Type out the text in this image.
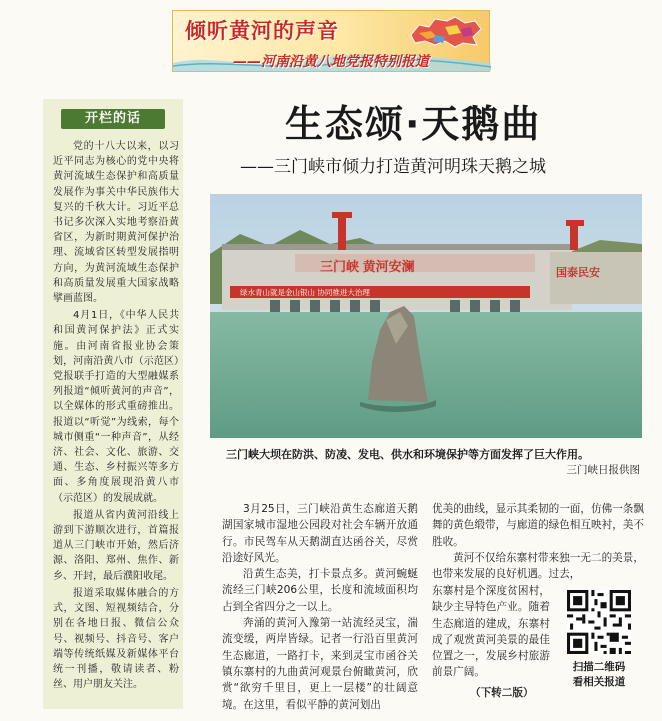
倾听黄河的声音
——河南沿黄八地党报特别报道
开栏的话

党的十八大以来，以习近平同志为核心的党中央将黄河流域生态保护和高质量发展作为事关中华民族伟大复兴的千秋大计。习近平总书记多次深入实地考察沿黄省区，为新时期黄河保护治理、流域省区转型发展指明方向，为黄河流域生态保护和高质量发展重大国家战略擘画蓝图。

4月1日，《中华人民共和国黄河保护法》正式实施。由河南省报业协会策划，河南沿黄八市（示范区）党报联手打造的大型融媒系列报道“倾听黄河的声音”，以全媒体的形式重磅推出。报道以“听觉”为线索，每个城市侧重“一种声音”，从经济、社会、文化、旅游、交通、生态、乡村振兴等多方面、多角度展现沿黄八市（示范区）的发展成就。

报道从省内黄河沿线上游到下游顺次进行，首篇报道从三门峡市开始，然后济源、洛阳、郑州、焦作、新乡、开封，最后濮阳收尾。

报道采取媒体融合的方式，文图、短视频结合，分别在各地日报、微信公众号、视频号、抖音号、客户端等传统纸媒及新媒体平台统一刊播，敬请读者、粉丝、用户朋友关注。

生态颂·天鹅曲
——三门峡市倾力打造黄河明珠天鹅之城
三门峡 黄河安澜
绿水青山就是金山银山 协同推进大治理
国泰民安
三门峡大坝在防洪、防凌、发电、供水和环境保护等方面发挥了巨大作用。
三门峡日报供图

3月25日，三门峡沿黄生态廊道天鹅湖国家城市湿地公园段对社会车辆开放通行。市民驾车从天鹅湖直达函谷关，尽赏沿途好风光。

沿黄生态美，打卡景点多。黄河蜿蜒流经三门峡206公里，长度和流域面积均占到全省四分之一以上。

奔涌的黄河入豫第一站流经灵宝，湍流变缓，两岸皆绿。记者一行沿百里黄河生态廊道，一路打卡，来到灵宝市函谷关镇东寨村的九曲黄河观景台俯瞰黄河，欣赏“欲穷千里目，更上一层楼”的壮阔意境。在这里，看似平静的黄河划出

优美的曲线，显示其柔韧的一面，仿佛一条飘舞的黄色缎带，与廊道的绿色相互映衬，美不胜收。

黄河不仅给东寨村带来独一无二的美景，也带来发展的良好机遇。过去，

东寨村是个深度贫困村，缺少主导特色产业。随着生态廊道的建成，东寨村成了观赏黄河美景的最佳位置之一，发展乡村旅游前景广阔。

（下转二版）
扫描二维码
看相关报道
